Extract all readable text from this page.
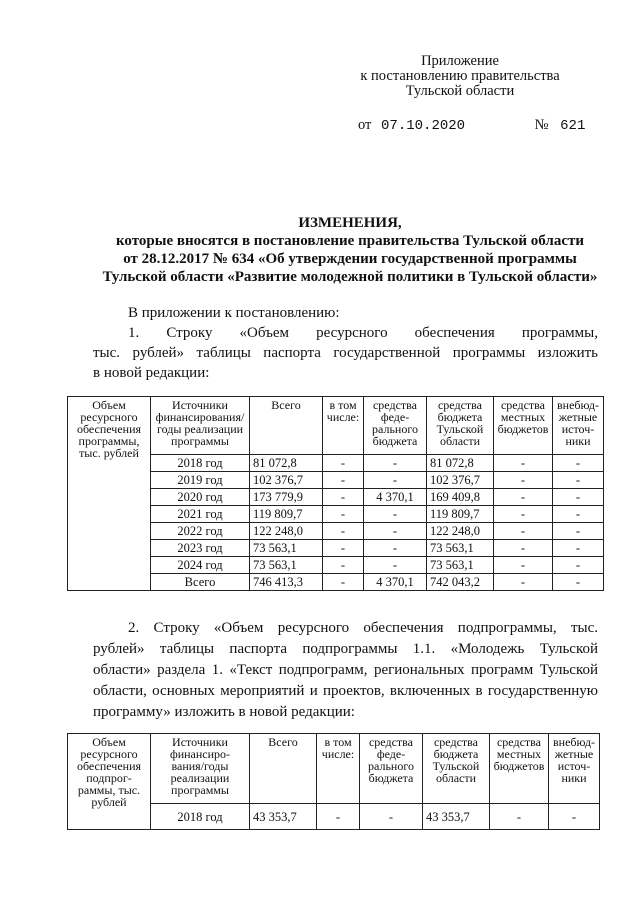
Приложение
к постановлению правительства
Тульской области
от 07.10.2020	№ 621
ИЗМЕНЕНИЯ,
которые вносятся в постановление правительства Тульской области
от 28.12.2017 № 634 «Об утверждении государственной программы
Тульской области «Развитие молодежной политики в Тульской области»
В приложении к постановлению:
1. Строку «Объем ресурсного обеспечения программы,
тыс. рублей» таблицы паспорта государственной программы изложить
в новой редакции:
Объем ресурсного обеспечения программы, тыс. рублей	Источники финансирования/ годы реализации программы	Всего	в том числе:	средства феде-рального бюджета	средства бюджета Тульской области	средства местных бюджетов	внебюд-жетные источ-ники
	2018 год	81 072,8	-	-	81 072,8	-	-
	2019 год	102 376,7	-	-	102 376,7	-	-
	2020 год	173 779,9	-	4 370,1	169 409,8	-	-
	2021 год	119 809,7	-	-	119 809,7	-	-
	2022 год	122 248,0	-	-	122 248,0	-	-
	2023 год	73 563,1	-	-	73 563,1	-	-
	2024 год	73 563,1	-	-	73 563,1	-	-
	Всего	746 413,3	-	4 370,1	742 043,2	-	-
2. Строку «Объем ресурсного обеспечения подпрограммы, тыс.
рублей» таблицы паспорта подпрограммы 1.1. «Молодежь Тульской
области» раздела 1. «Текст подпрограмм, региональных программ Тульской
области, основных мероприятий и проектов, включенных в государственную
программу» изложить в новой редакции:
Объем ресурсного обеспечения подпрог-раммы, тыс. рублей	Источники финансиро-вания/годы реализации программы	Всего	в том числе:	средства феде-рального бюджета	средства бюджета Тульской области	средства местных бюджетов	внебюд-жетные источ-ники
	2018 год	43 353,7	-	-	43 353,7	-	-
